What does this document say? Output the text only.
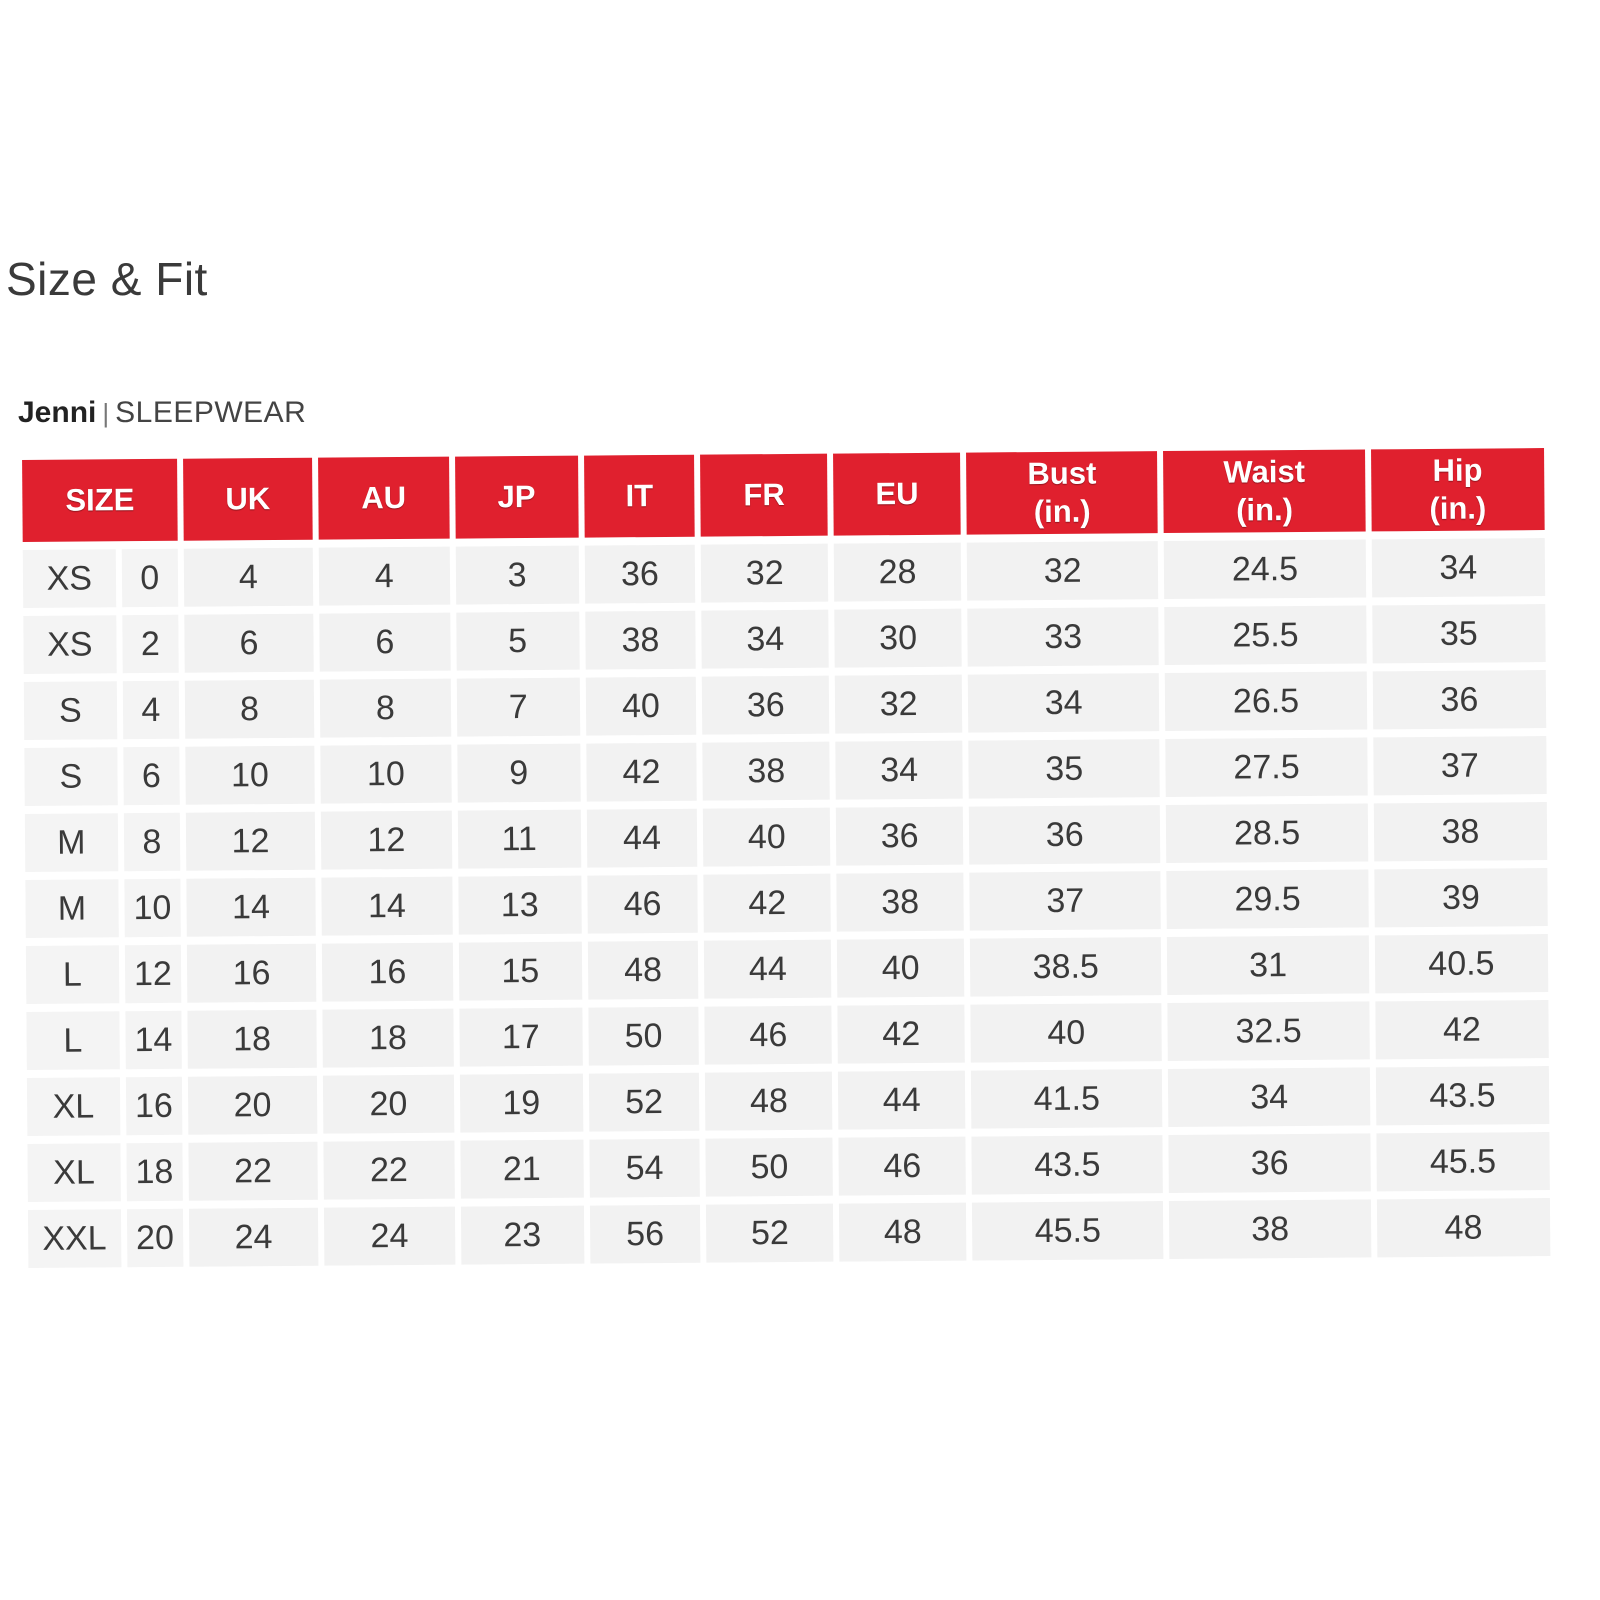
Size & Fit
Jenni | SLEEPWEAR
SIZE		UK	AU	JP	IT	FR	EU	Bust (in.)	Waist (in.)	Hip (in.)
XS	0	4	4	3	36	32	28	32	24.5	34
XS	2	6	6	5	38	34	30	33	25.5	35
S	4	8	8	7	40	36	32	34	26.5	36
S	6	10	10	9	42	38	34	35	27.5	37
M	8	12	12	11	44	40	36	36	28.5	38
M	10	14	14	13	46	42	38	37	29.5	39
L	12	16	16	15	48	44	40	38.5	31	40.5
L	14	18	18	17	50	46	42	40	32.5	42
XL	16	20	20	19	52	48	44	41.5	34	43.5
XL	18	22	22	21	54	50	46	43.5	36	45.5
XXL	20	24	24	23	56	52	48	45.5	38	48
